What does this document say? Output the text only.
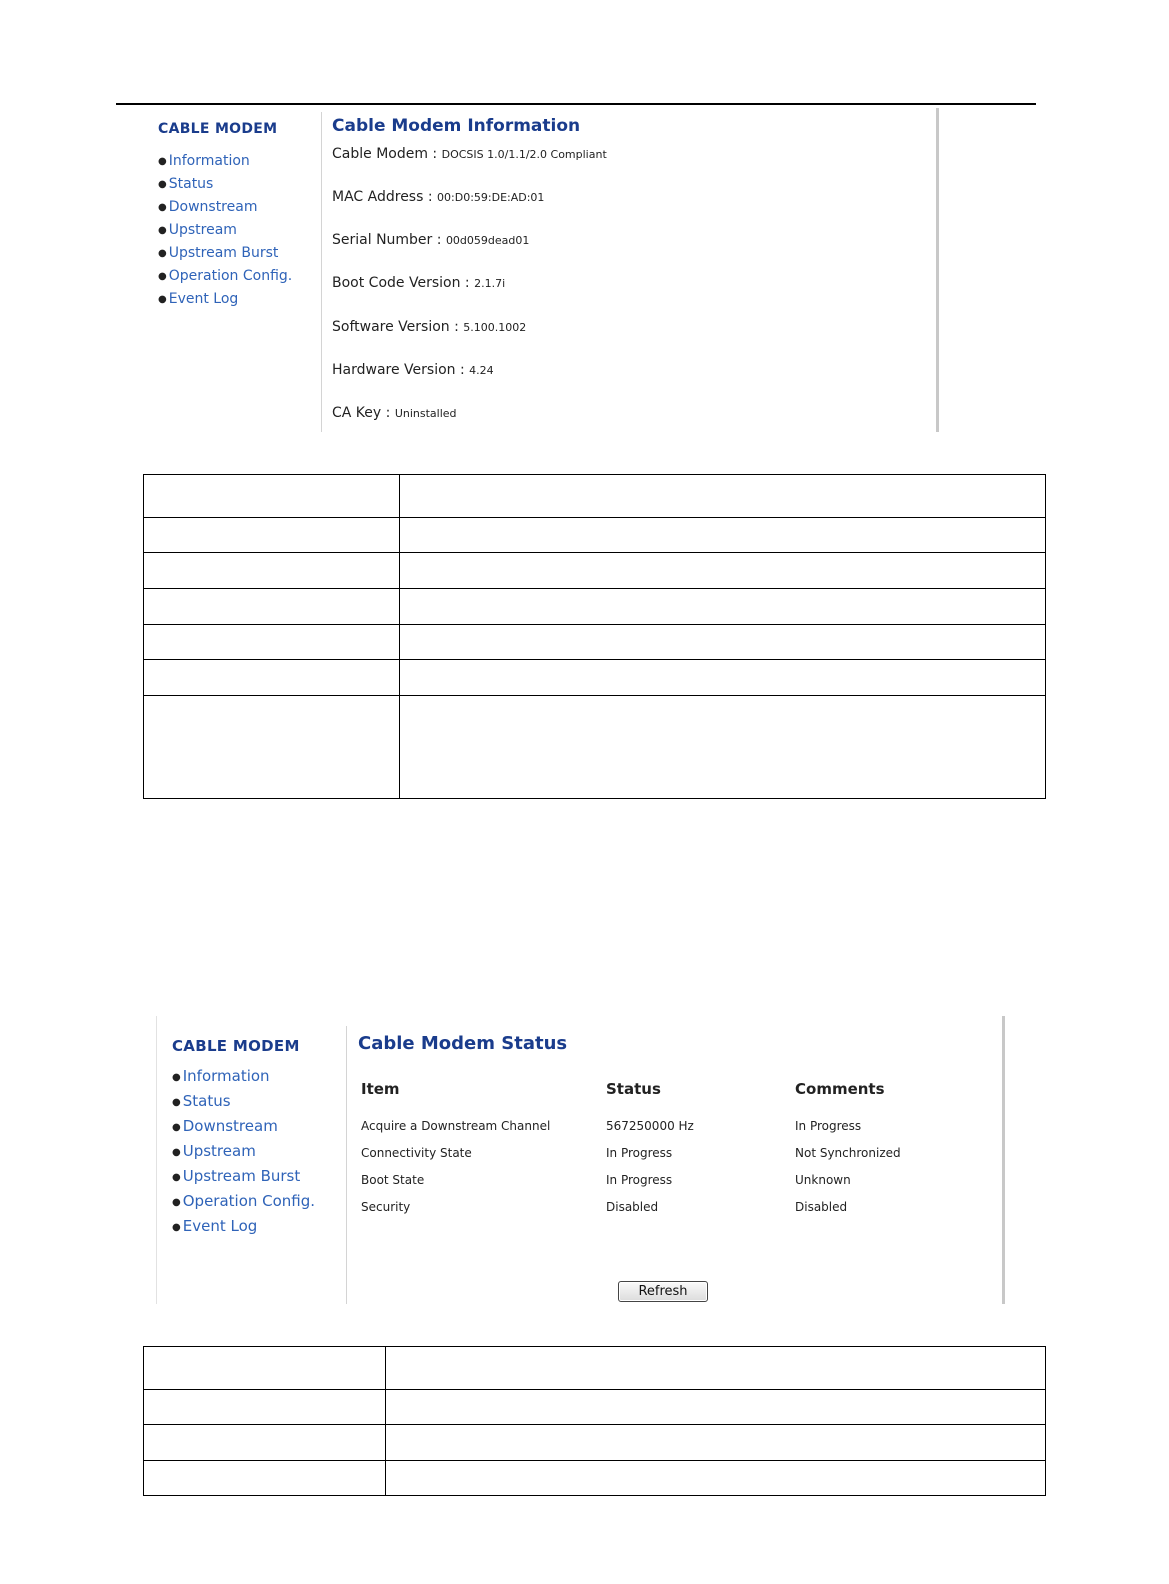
CABLE MODEM
● Information
● Status
● Downstream
● Upstream
● Upstream Burst
● Operation Config.
● Event Log
Cable Modem Information
Cable Modem : DOCSIS 1.0/1.1/2.0 Compliant
MAC Address : 00:D0:59:DE:AD:01
Serial Number : 00d059dead01
Boot Code Version : 2.1.7i
Software Version : 5.100.1002
Hardware Version : 4.24
CA Key : Uninstalled

CABLE MODEM
● Information
● Status
● Downstream
● Upstream
● Upstream Burst
● Operation Config.
● Event Log
Cable Modem Status
Item	Status	Comments
Acquire a Downstream Channel	567250000 Hz	In Progress
Connectivity State	In Progress	Not Synchronized
Boot State	In Progress	Unknown
Security	Disabled	Disabled
Refresh
